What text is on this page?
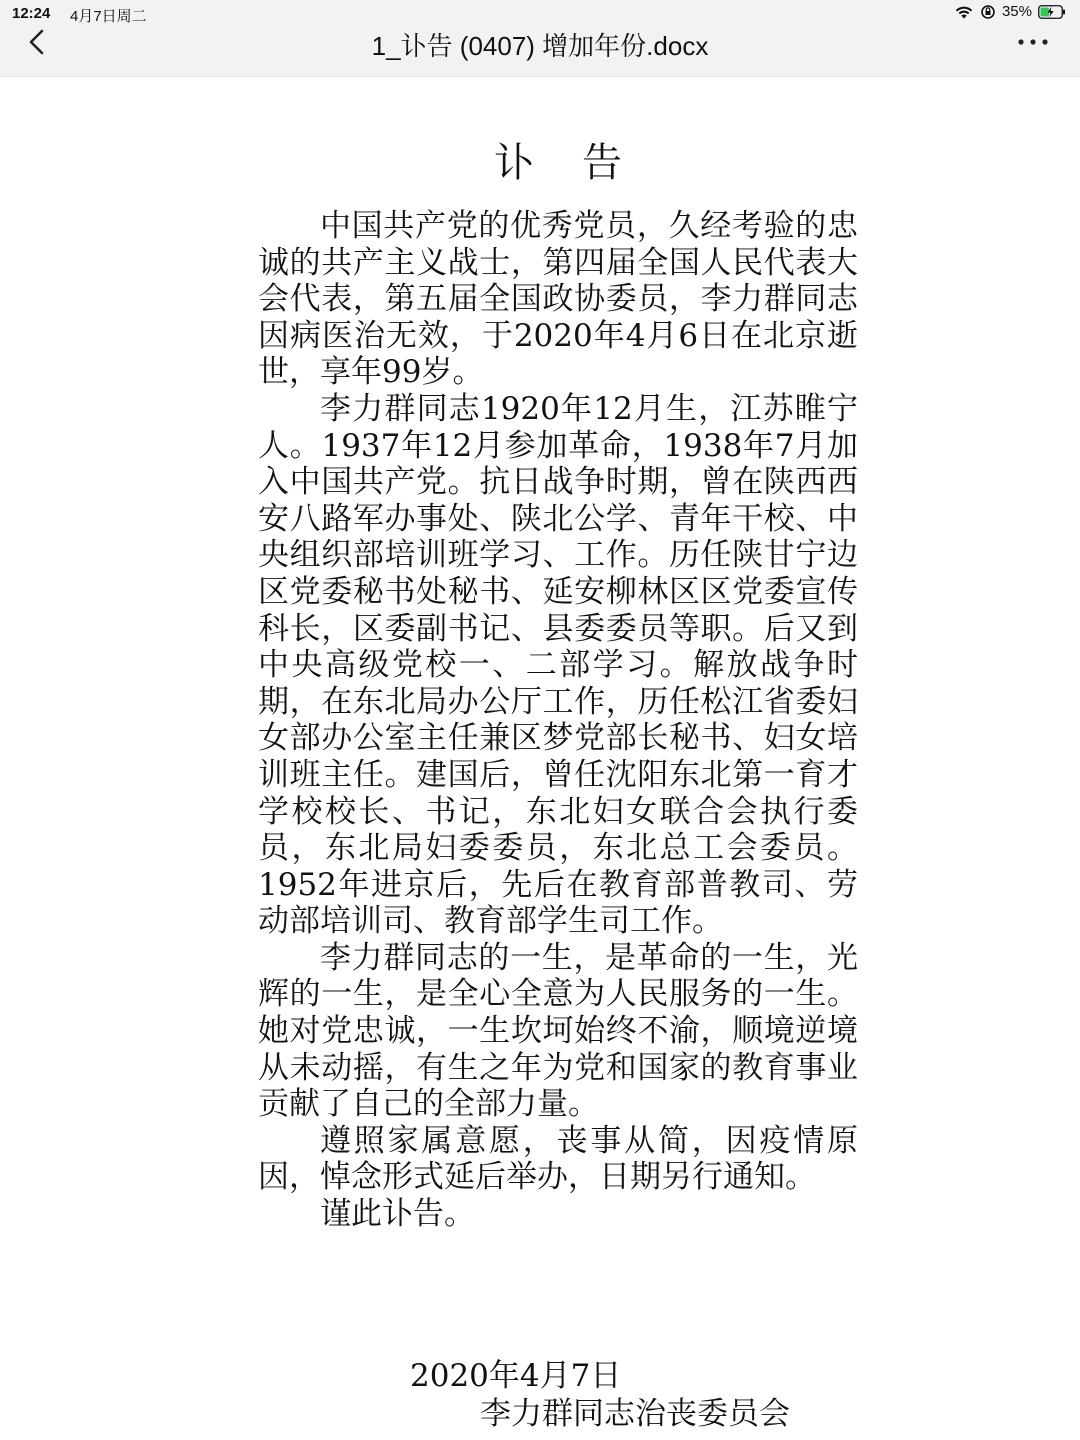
12:24 4月7日周二	35%
1_讣告 (0407) 增加年份.docx
讣告

中国共产党的优秀党员，久经考验的忠诚的共产主义战士，第四届全国人民代表大会代表，第五届全国政协委员，李力群同志因病医治无效，于2020年4月6日在北京逝世，享年99岁。

李力群同志1920年12月生，江苏睢宁人。1937年12月参加革命，1938年7月加入中国共产党。抗日战争时期，曾在陕西西安八路军办事处、陕北公学、青年干校、中央组织部培训班学习、工作。历任陕甘宁边区党委秘书处秘书、延安柳林区区党委宣传科长，区委副书记、县委委员等职。后又到中央高级党校一、二部学习。解放战争时期，在东北局办公厅工作，历任松江省委妇女部办公室主任兼区梦党部长秘书、妇女培训班主任。建国后，曾任沈阳东北第一育才学校校长、书记，东北妇女联合会执行委员，东北局妇委委员，东北总工会委员。1952年进京后，先后在教育部普教司、劳动部培训司、教育部学生司工作。

李力群同志的一生，是革命的一生，光辉的一生，是全心全意为人民服务的一生。她对党忠诚，一生坎坷始终不渝，顺境逆境从未动摇，有生之年为党和国家的教育事业贡献了自己的全部力量。

遵照家属意愿，丧事从简，因疫情原因，悼念形式延后举办，日期另行通知。

谨此讣告。

2020年4月7日
李力群同志治丧委员会
